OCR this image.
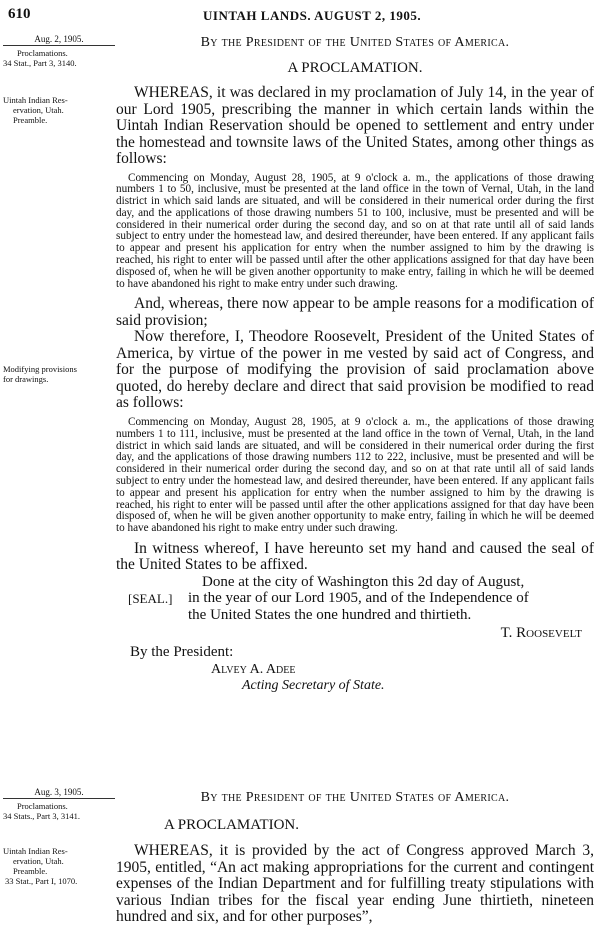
610	UINTAH LANDS. AUGUST 2, 1905.
Aug. 2, 1905.
Proclamations.
34 Stat., Part 3, 3140.
Uintah Indian Res-
ervation, Utah.
Preamble.
Modifying provisions
for drawings.
By the President of the United States of America.
A PROCLAMATION.

WHEREAS, it was declared in my proclamation of July 14, in the year of our Lord 1905, prescribing the manner in which certain lands within the Uintah Indian Reservation should be opened to settlement and entry under the homestead and townsite laws of the United States, among other things as follows:

Commencing on Monday, August 28, 1905, at 9 o'clock a. m., the applications of those drawing numbers 1 to 50, inclusive, must be presented at the land office in the town of Vernal, Utah, in the land district in which said lands are situated, and will be considered in their numerical order during the first day, and the applications of those drawing numbers 51 to 100, inclusive, must be presented and will be considered in their numerical order during the second day, and so on at that rate until all of said lands subject to entry under the homestead law, and desired thereunder, have been entered. If any applicant fails to appear and present his application for entry when the number assigned to him by the drawing is reached, his right to enter will be passed until after the other applications assigned for that day have been disposed of, when he will be given another opportunity to make entry, failing in which he will be deemed to have abandoned his right to make entry under such drawing.

And, whereas, there now appear to be ample reasons for a modification of said provision;

Now therefore, I, Theodore Roosevelt, President of the United States of America, by virtue of the power in me vested by said act of Congress, and for the purpose of modifying the provision of said proclamation above quoted, do hereby declare and direct that said provision be modified to read as follows:

Commencing on Monday, August 28, 1905, at 9 o'clock a. m., the applications of those drawing numbers 1 to 111, inclusive, must be presented at the land office in the town of Vernal, Utah, in the land district in which said lands are situated, and will be considered in their numerical order during the first day, and the applications of those drawing numbers 112 to 222, inclusive, must be presented and will be considered in their numerical order during the second day, and so on at that rate until all of said lands subject to entry under the homestead law, and desired thereunder, have been entered. If any applicant fails to appear and present his application for entry when the number assigned to him by the drawing is reached, his right to enter will be passed until after the other applications assigned for that day have been disposed of, when he will be given another opportunity to make entry, failing in which he will be deemed to have abandoned his right to make entry under such drawing.

In witness whereof, I have hereunto set my hand and caused the seal of the United States to be affixed.

Done at the city of Washington this 2d day of August,
in the year of our Lord 1905, and of the Independence of
the United States the one hundred and thirtieth.
[SEAL.]
T. Roosevelt
By the President:
Alvey A. Adee
Acting Secretary of State.
Aug. 3, 1905.
Proclamations.
34 Stats., Part 3, 3141.
Uintah Indian Res-
ervation, Utah.
Preamble.
33 Stat., Part I, 1070.
By the President of the United States of America.
A PROCLAMATION.

WHEREAS, it is provided by the act of Congress approved March 3, 1905, entitled, “An act making appropriations for the current and contingent expenses of the Indian Department and for fulfilling treaty stipulations with various Indian tribes for the fiscal year ending June thirtieth, nineteen hundred and six, and for other purposes”,
